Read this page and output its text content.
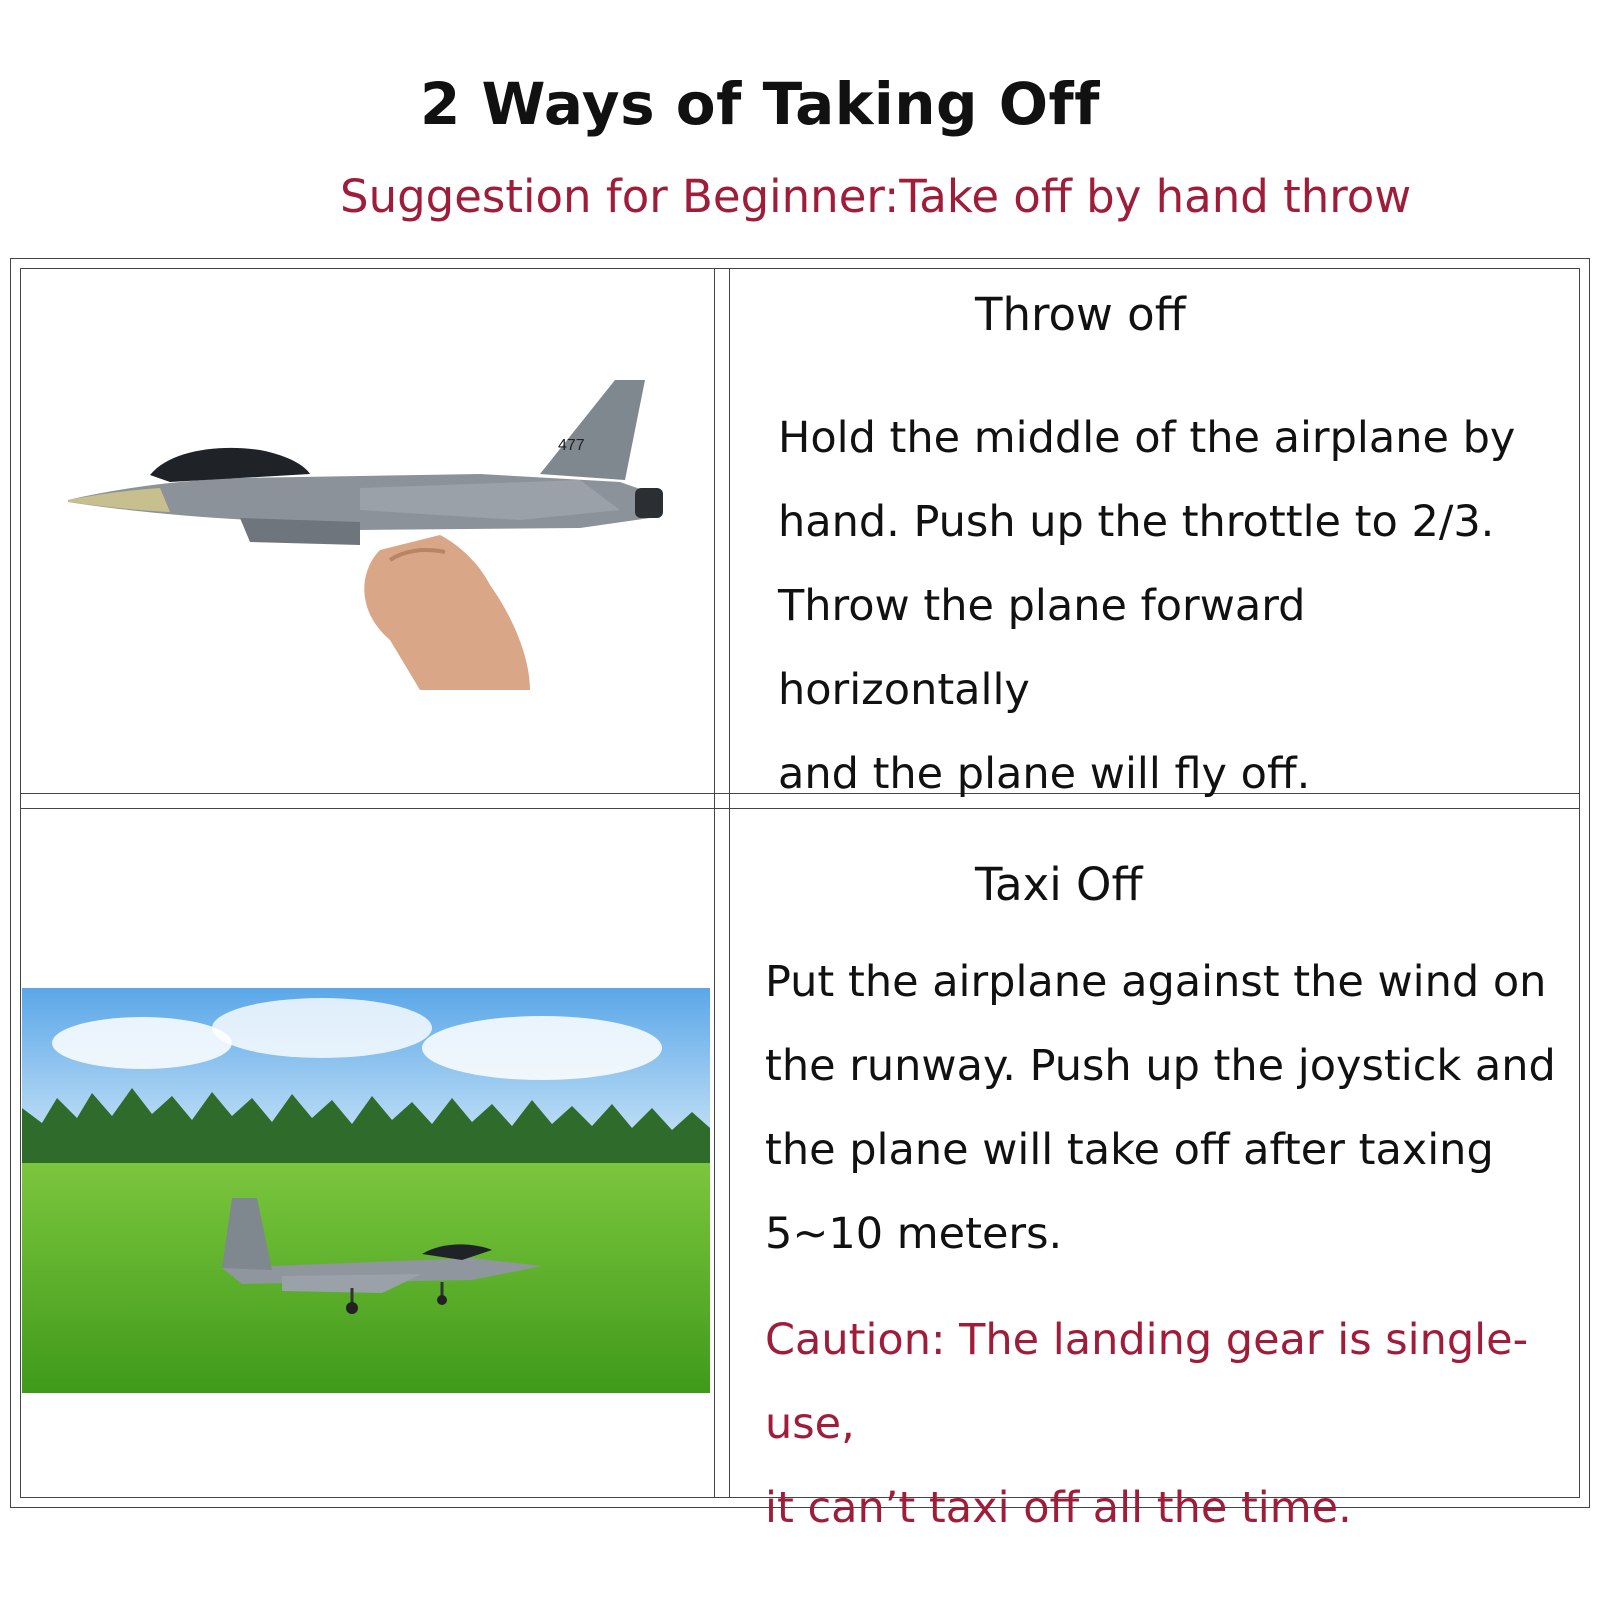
2 Ways of Taking Off
Suggestion for Beginner:Take off by hand throw
477
Throw off
Hold the middle of the airplane by
hand. Push up the throttle to 2/3.
Throw the plane forward horizontally
and the plane will fly off.
Taxi Off
Put the airplane against the wind on
the runway. Push up the joystick and
the plane will take off after taxing
5~10 meters.
Caution: The landing gear is single-use,
it can’t taxi off all the time.
